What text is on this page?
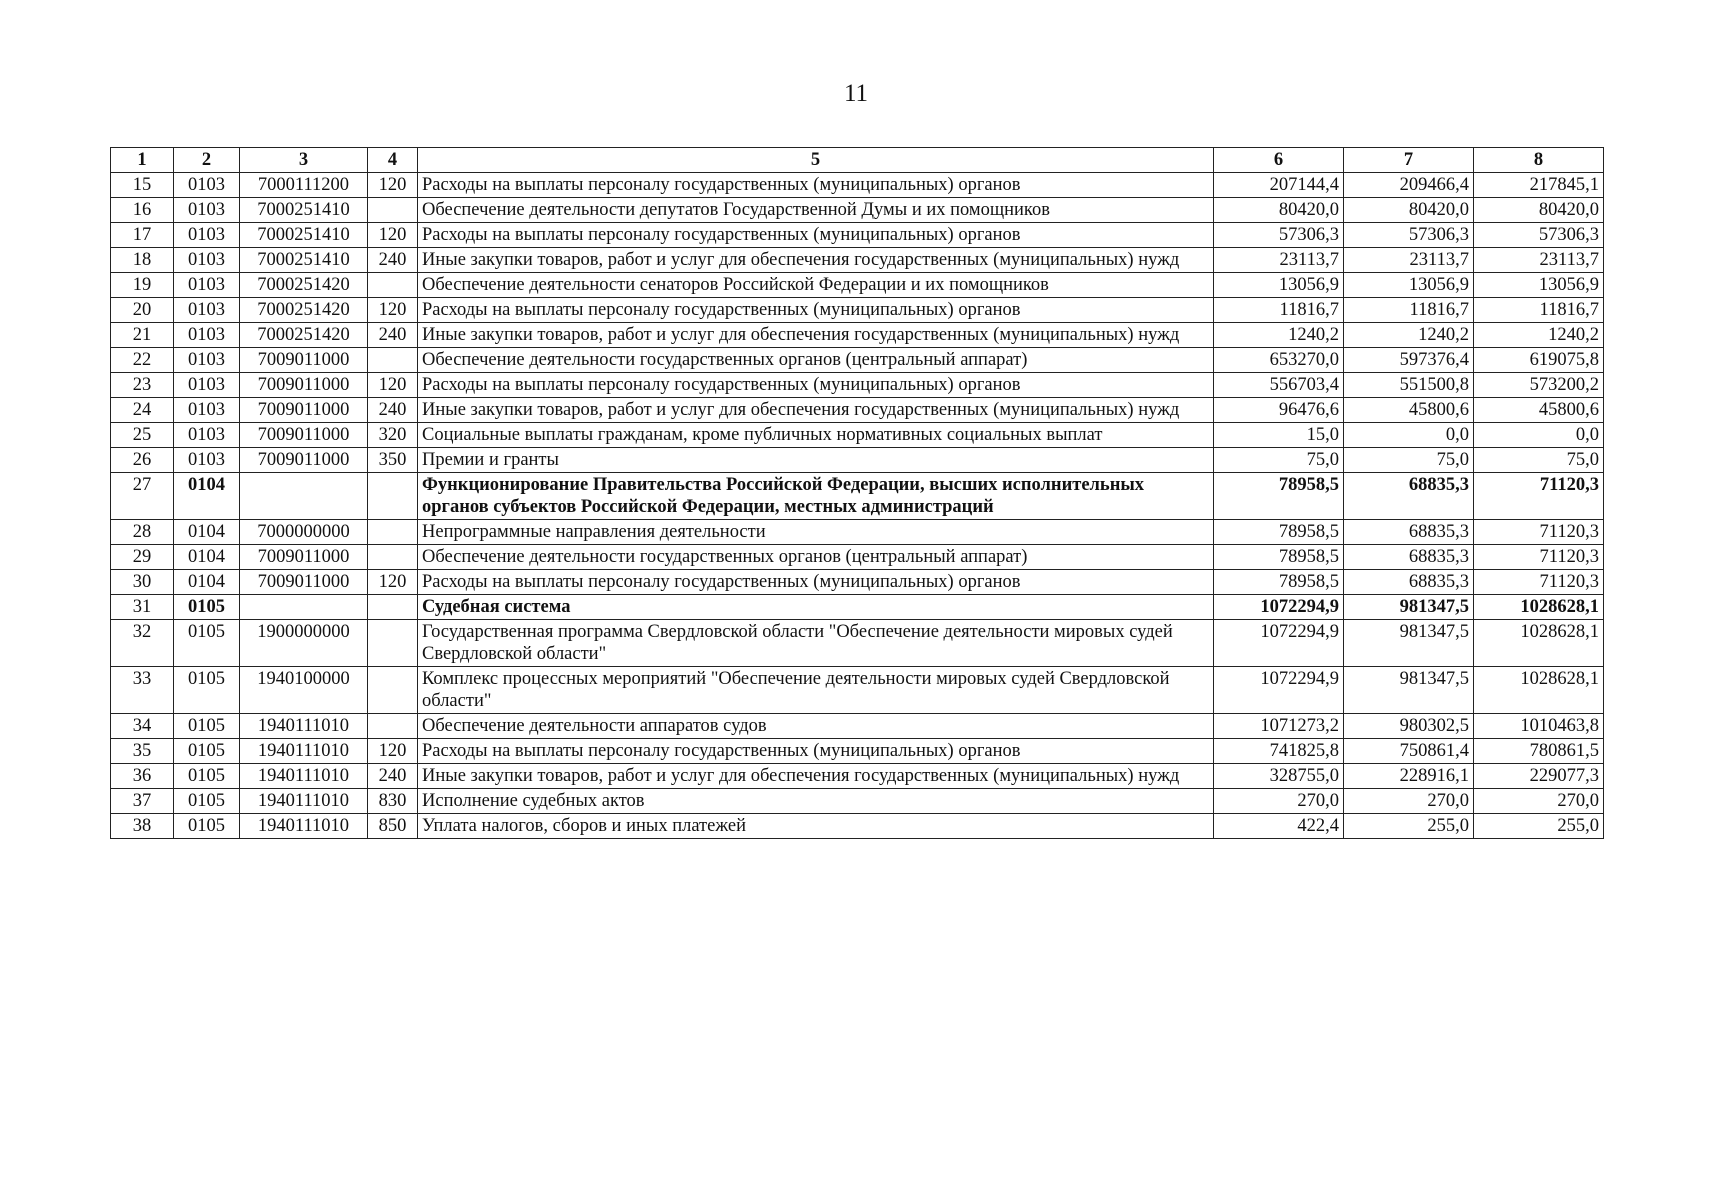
11
1	2	3	4	5	6	7	8
15	0103	7000111200	120	Расходы на выплаты персоналу государственных (муниципальных) органов	207144,4	209466,4	217845,1
16	0103	7000251410		Обеспечение деятельности депутатов Государственной Думы и их помощников	80420,0	80420,0	80420,0
17	0103	7000251410	120	Расходы на выплаты персоналу государственных (муниципальных) органов	57306,3	57306,3	57306,3
18	0103	7000251410	240	Иные закупки товаров, работ и услуг для обеспечения государственных (муниципальных) нужд	23113,7	23113,7	23113,7
19	0103	7000251420		Обеспечение деятельности сенаторов Российской Федерации и их помощников	13056,9	13056,9	13056,9
20	0103	7000251420	120	Расходы на выплаты персоналу государственных (муниципальных) органов	11816,7	11816,7	11816,7
21	0103	7000251420	240	Иные закупки товаров, работ и услуг для обеспечения государственных (муниципальных) нужд	1240,2	1240,2	1240,2
22	0103	7009011000		Обеспечение деятельности государственных органов (центральный аппарат)	653270,0	597376,4	619075,8
23	0103	7009011000	120	Расходы на выплаты персоналу государственных (муниципальных) органов	556703,4	551500,8	573200,2
24	0103	7009011000	240	Иные закупки товаров, работ и услуг для обеспечения государственных (муниципальных) нужд	96476,6	45800,6	45800,6
25	0103	7009011000	320	Социальные выплаты гражданам, кроме публичных нормативных социальных выплат	15,0	0,0	0,0
26	0103	7009011000	350	Премии и гранты	75,0	75,0	75,0
27	0104			Функционирование Правительства Российской Федерации, высших исполнительных органов субъектов Российской Федерации, местных администраций	78958,5	68835,3	71120,3
28	0104	7000000000		Непрограммные направления деятельности	78958,5	68835,3	71120,3
29	0104	7009011000		Обеспечение деятельности государственных органов (центральный аппарат)	78958,5	68835,3	71120,3
30	0104	7009011000	120	Расходы на выплаты персоналу государственных (муниципальных) органов	78958,5	68835,3	71120,3
31	0105			Судебная система	1072294,9	981347,5	1028628,1
32	0105	1900000000		Государственная программа Свердловской области "Обеспечение деятельности мировых судей Свердловской области"	1072294,9	981347,5	1028628,1
33	0105	1940100000		Комплекс процессных мероприятий "Обеспечение деятельности мировых судей Свердловской области"	1072294,9	981347,5	1028628,1
34	0105	1940111010		Обеспечение деятельности аппаратов судов	1071273,2	980302,5	1010463,8
35	0105	1940111010	120	Расходы на выплаты персоналу государственных (муниципальных) органов	741825,8	750861,4	780861,5
36	0105	1940111010	240	Иные закупки товаров, работ и услуг для обеспечения государственных (муниципальных) нужд	328755,0	228916,1	229077,3
37	0105	1940111010	830	Исполнение судебных актов	270,0	270,0	270,0
38	0105	1940111010	850	Уплата налогов, сборов и иных платежей	422,4	255,0	255,0
